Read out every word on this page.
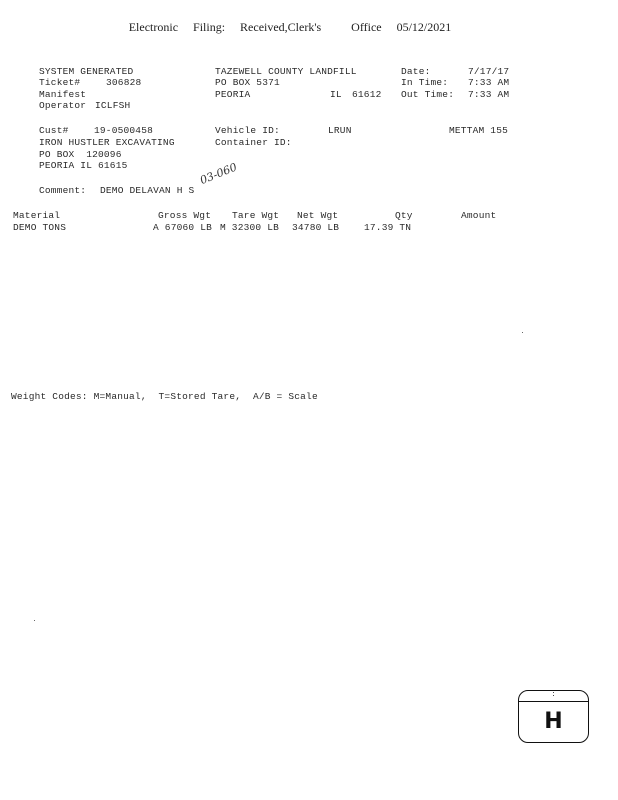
Electronic   Filing:   Received,Clerk's      Office   05/12/2021
SYSTEM GENERATED
Ticket#	306828
Manifest
Operator ICLFSH
TAZEWELL COUNTY LANDFILL
PO BOX 5371
PEORIA	IL 61612
Date:	7/17/17
In Time: 7:33 AM
Out Time: 7:33 AM
Cust#	19-0500458
IRON HUSTLER EXCAVATING
PO BOX  120096
PEORIA IL 61615
Vehicle ID:	LRUN
Container ID:
METTAM 155
Comment: DEMO DELAVAN H S
03-060
Material	Gross Wgt Tare Wgt Net Wgt	Qty	Amount
DEMO TONS	A 67060 LB M 32300 LB 34780 LB	17.39 TN
Weight Codes: M=Manual,  T=Stored Tare,  A/B = Scale
:
H
